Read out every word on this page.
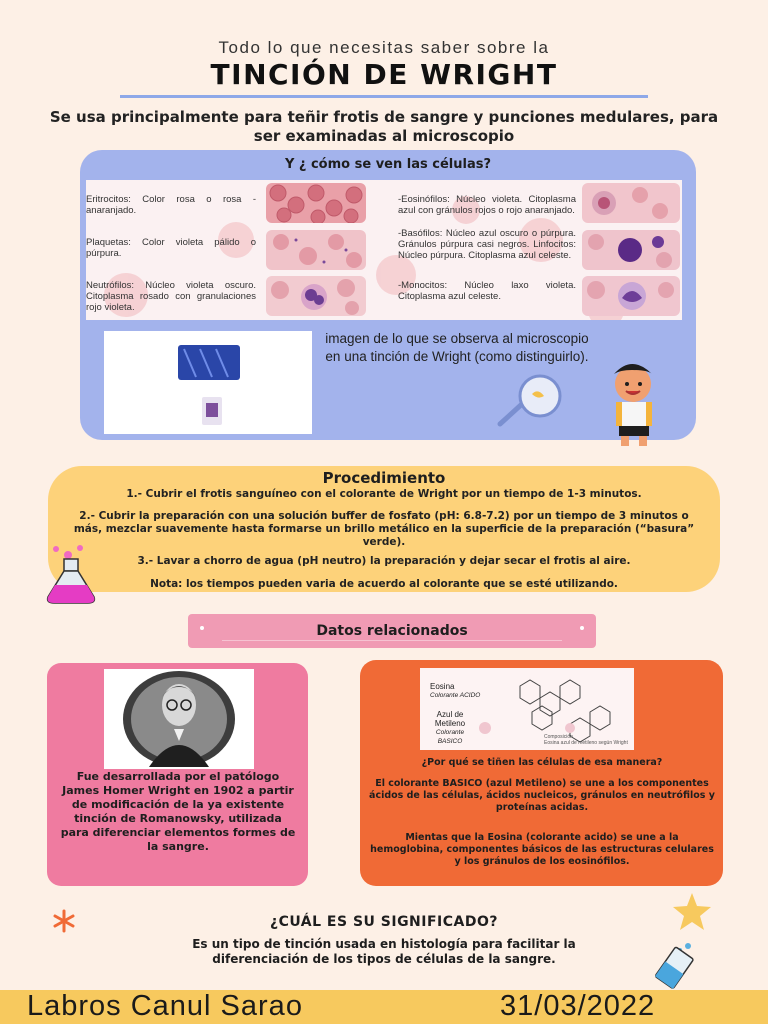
Todo lo que necesitas saber sobre la
TINCIÓN DE WRIGHT
Se usa principalmente para teñir frotis de sangre y punciones medulares, para ser examinadas al microscopio
Y ¿ cómo se ven las células?
Eritrocitos: Color rosa o rosa - anaranjado.
Plaquetas: Color violeta pálido o púrpura.
Neutrófilos: Núcleo violeta oscuro. Citoplasma rosado con granulaciones rojo violeta.
-Eosinófilos: Núcleo violeta. Citoplasma azul con gránulos rojos o rojo anaranjado.
-Basófilos: Núcleo azul oscuro o púrpura. Gránulos púrpura casi negros. Linfocitos: Núcleo púrpura. Citoplasma azul celeste.
-Monocitos: Núcleo laxo violeta. Citoplasma azul celeste.
imagen de lo que se observa al microscopio en una tinción de Wright (como distinguirlo).
Procedimiento
1.- Cubrir el frotis sanguíneo con el colorante de Wright por un tiempo de 1-3 minutos.
2.- Cubrir la preparación con una solución buffer de fosfato (pH: 6.8-7.2) por un tiempo de 3 minutos o más, mezclar suavemente hasta formarse un brillo metálico en la superficie de la preparación (“basura” verde).
3.- Lavar a chorro de agua (pH neutro) la preparación y dejar secar el frotis al aire.
Nota: los tiempos pueden varia de acuerdo al colorante que se esté utilizando.
Datos relacionados
Fue desarrollada por el patólogo James Homer Wright en 1902 a partir de modificación de la ya existente tinción de Romanowsky, utilizada para diferenciar elementos formes de la sangre.
Eosina
Colorante ACIDO
Azul de Metileno
Colorante BASICO
Composición
Eosina azul de metileno según Wright
¿Por qué se tiñen las células de esa manera?
El colorante BASICO (azul Metileno) se une a los componentes ácidos de las células, ácidos nucleicos, gránulos en neutrófilos y proteínas acidas.
Mientas que la Eosina (colorante acido) se une a la hemoglobina, componentes básicos de las estructuras celulares y los gránulos de los eosinófilos.
¿CUÁL ES SU SIGNIFICADO?
Es un tipo de tinción usada en histología para facilitar la diferenciación de los tipos de células de la sangre.
Labros Canul Sarao	31/03/2022
